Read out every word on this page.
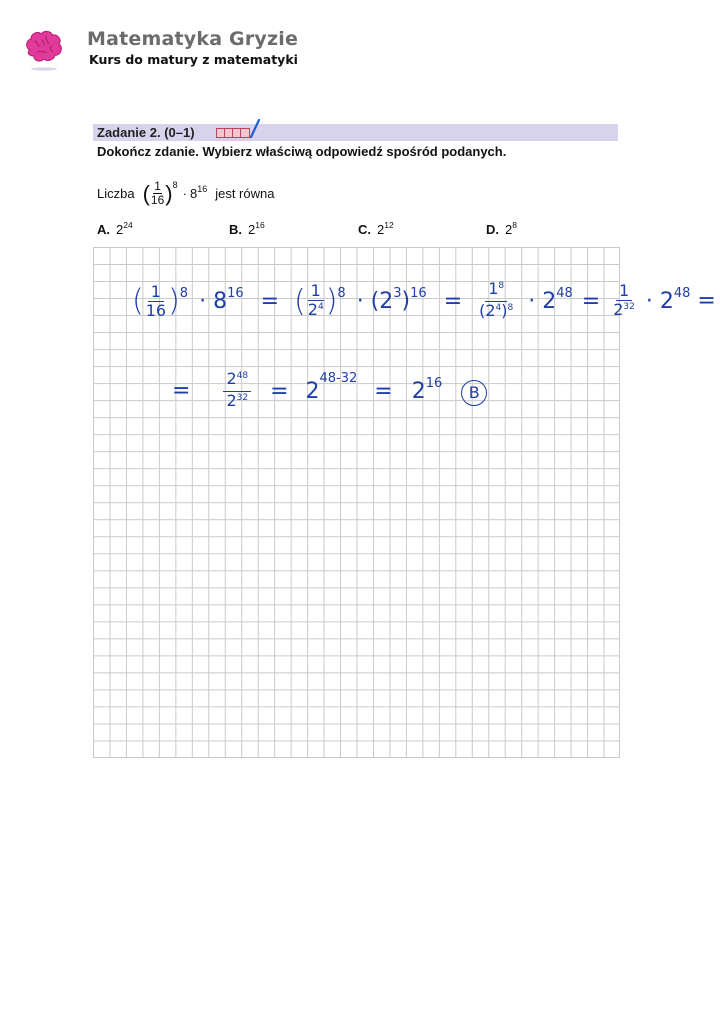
Matematyka Gryzie
Kurs do matury z matematyki
Zadanie 2. (0–1)
Dokończ zdanie. Wybierz właściwą odpowiedź spośród podanych.
Liczba ( $\frac{1}{16}$ ) 8
· 8 16 jest równa
A. $2^{24}$	B. $2^{16}$	C. $2^{12}$	D. $2^8$
( $\frac{1}{16} )^8 \cdot 8^{16}$ = ( $\frac{1}{2^4} )^8 \cdot (2^3)^{16} = \frac{1^8}{(2^4)^8} \cdot 2^{48} = \frac{1}{2^{32}} \cdot 2^{48}$ =
= $\frac{2^{48}}{2^{32}} = 2^{48-32} = 2^{16}$ B
